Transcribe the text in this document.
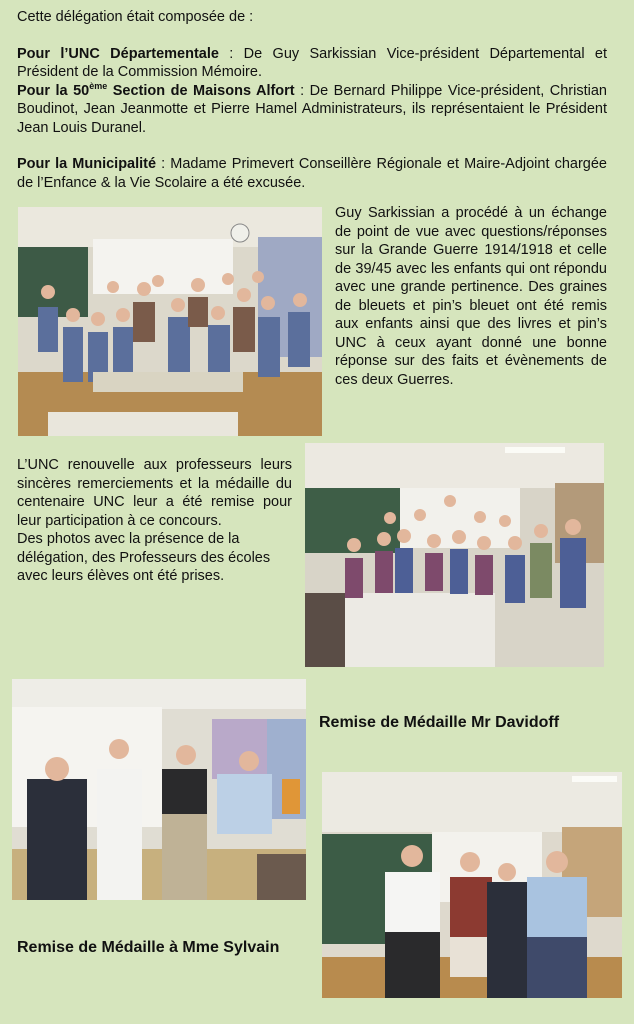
Cette délégation était composée de :

Pour l’UNC Départementale : De Guy Sarkissian Vice-président Départemental et Président de la Commission Mémoire.

Pour la 50ème Section de Maisons Alfort : De Bernard Philippe Vice-président, Christian Boudinot, Jean Jeanmotte et Pierre Hamel Administrateurs, ils représentaient le Président Jean Louis Duranel.

Pour la Municipalité : Madame Primevert Conseillère Régionale et Maire-Adjoint chargée de l’Enfance & la Vie Scolaire a été excusée.

Guy Sarkissian a procédé à un échange de point de vue avec questions/réponses sur la Grande Guerre 1914/1918 et celle de 39/45 avec les enfants qui ont répondu avec une grande pertinence. Des graines de bleuets et pin’s bleuet ont été remis aux enfants ainsi que des livres et pin’s UNC à ceux ayant donné une bonne réponse sur des faits et évènements de ces deux Guerres.

L’UNC renouvelle aux professeurs leurs sincères remerciements et la médaille du centenaire UNC leur a été remise pour leur participation à ce concours.

Des photos avec la présence de la délégation, des Professeurs des écoles avec leurs élèves ont été prises.

Remise de Médaille Mr Davidoff
Remise de Médaille à Mme Sylvain
